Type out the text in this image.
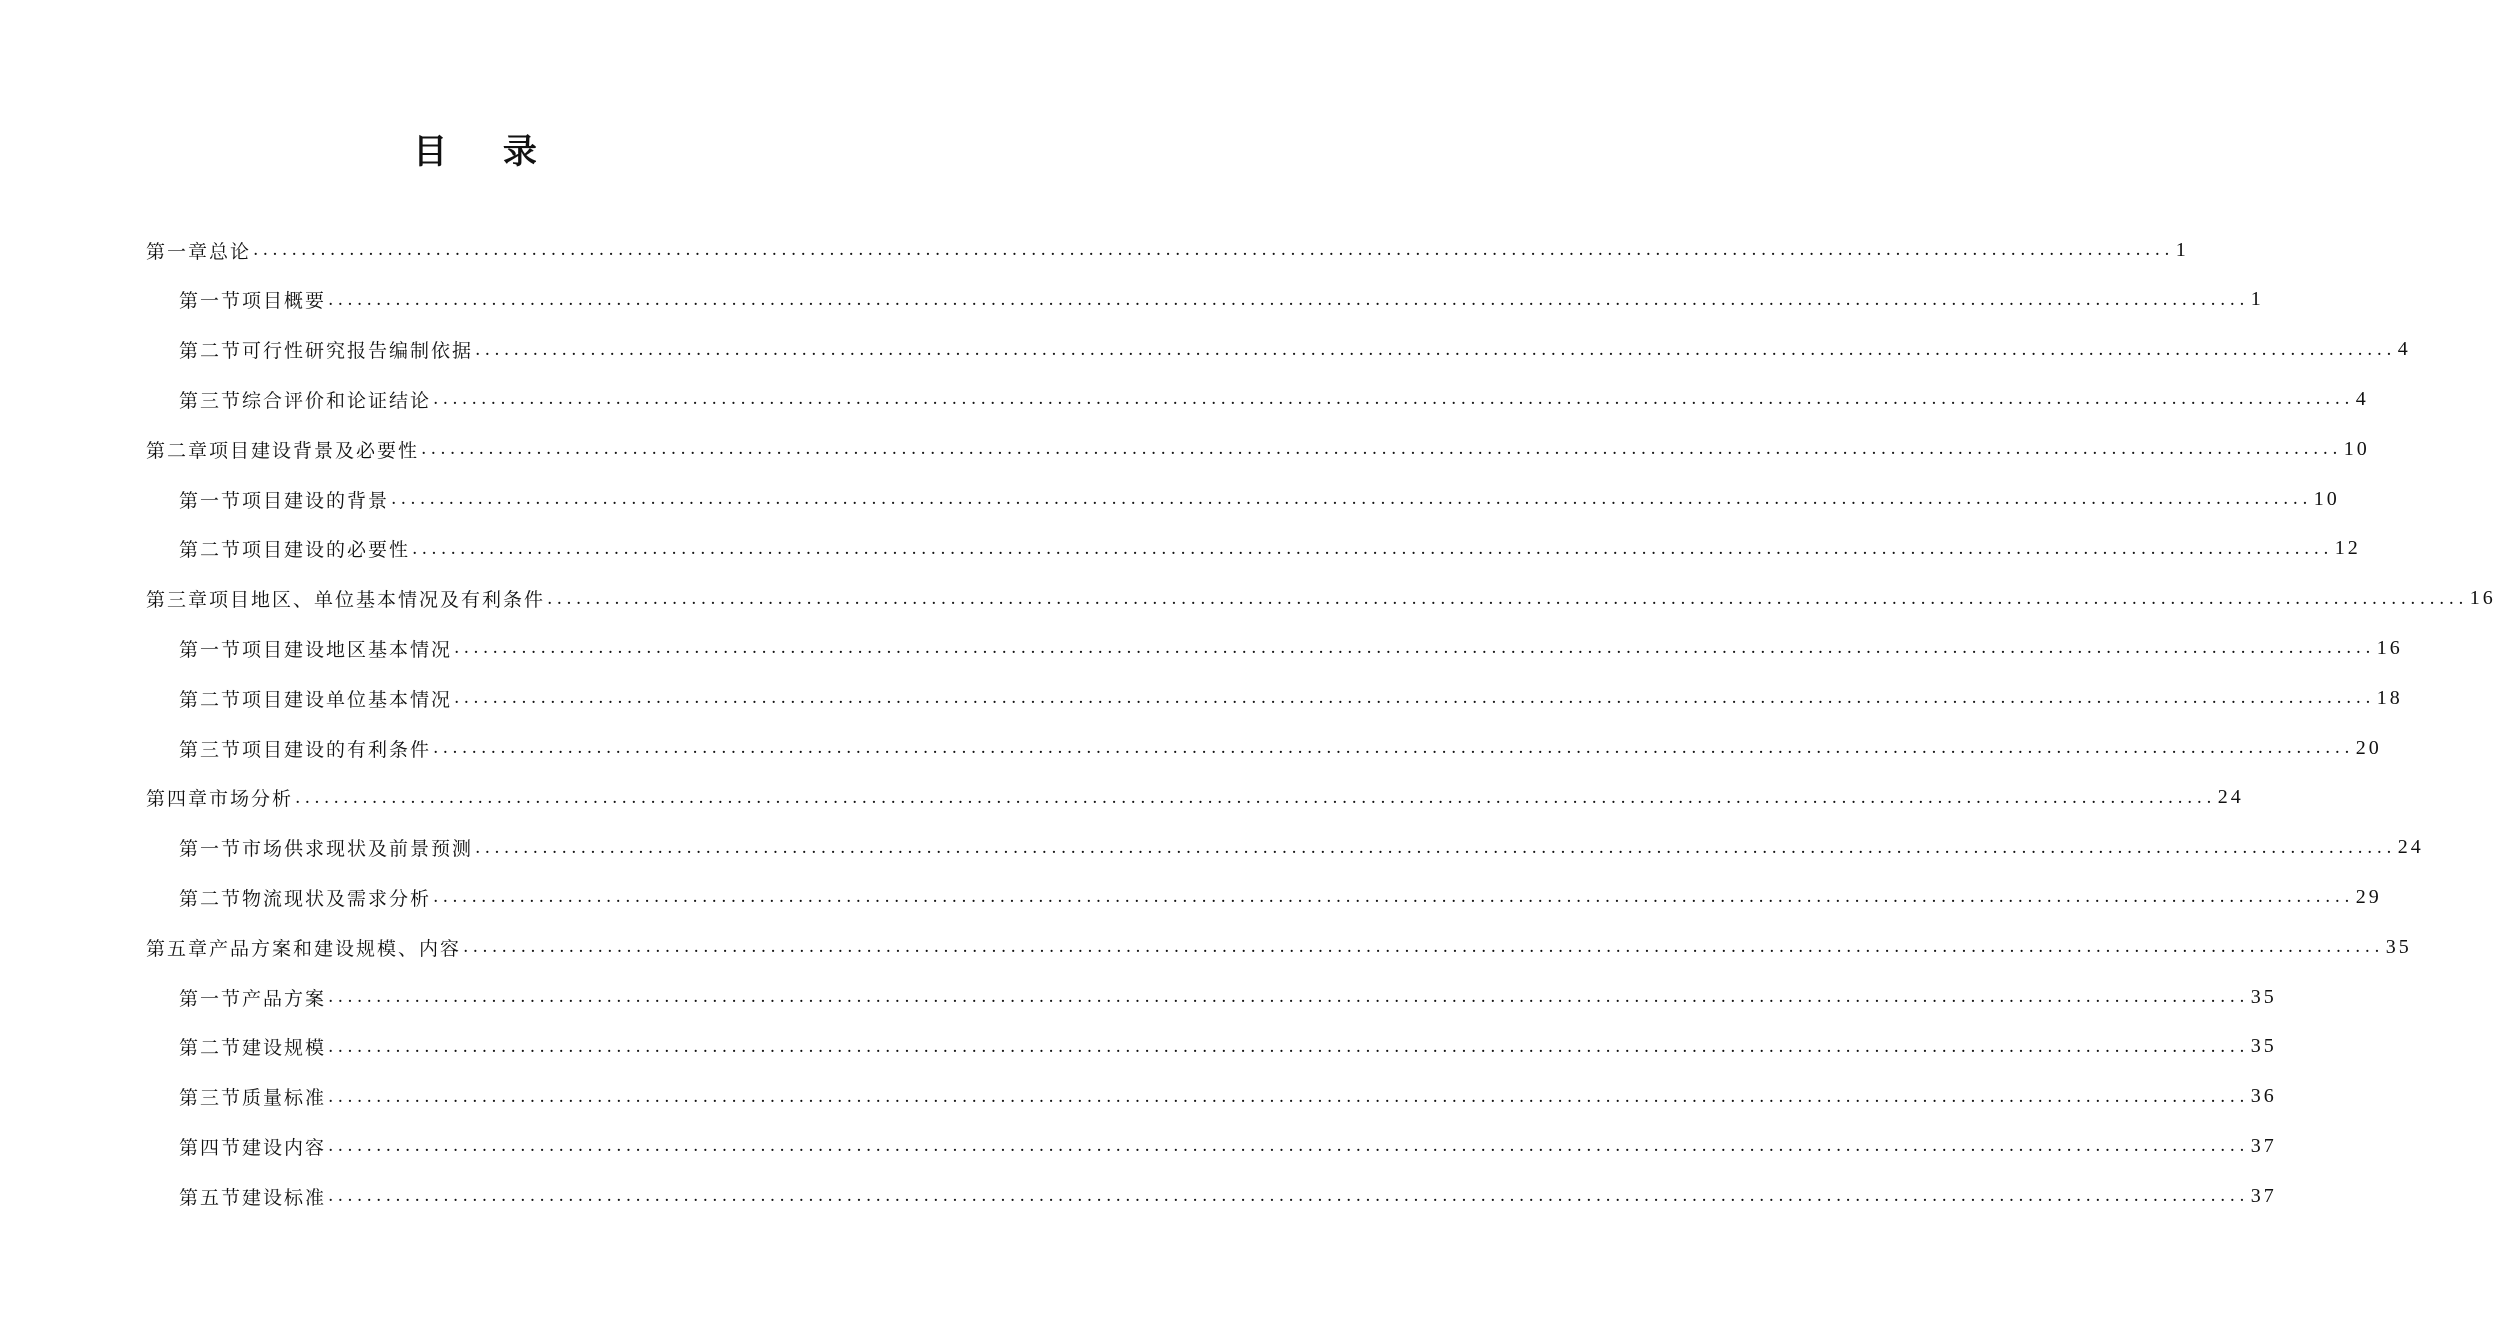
目 录
第一章 总论 ........................................................................................................................................................................................................ 1
第一节 项目概要 ........................................................................................................................................................................................................ 1
第二节 可行性研究报告编制依据 ........................................................................................................................................................................................................ 4
第三节 综合评价和论证结论 ........................................................................................................................................................................................................ 4
第二章 项目建设背景及必要性 ........................................................................................................................................................................................................ 10
第一节 项目建设的背景 ........................................................................................................................................................................................................ 10
第二节 项目建设的必要性 ........................................................................................................................................................................................................ 12
第三章 项目地区、单位基本情况及有利条件 ........................................................................................................................................................................................................ 16
第一节 项目建设地区基本情况 ........................................................................................................................................................................................................ 16
第二节 项目建设单位基本情况 ........................................................................................................................................................................................................ 18
第三节 项目建设的有利条件 ........................................................................................................................................................................................................ 20
第四章 市场分析 ........................................................................................................................................................................................................ 24
第一节 市场供求现状及前景预测 ........................................................................................................................................................................................................ 24
第二节 物流现状及需求分析 ........................................................................................................................................................................................................ 29
第五章 产品方案和建设规模、内容 ........................................................................................................................................................................................................ 35
第一节 产品方案 ........................................................................................................................................................................................................ 35
第二节 建设规模 ........................................................................................................................................................................................................ 35
第三节 质量标准 ........................................................................................................................................................................................................ 36
第四节 建设内容 ........................................................................................................................................................................................................ 37
第五节 建设标准 ........................................................................................................................................................................................................ 37
